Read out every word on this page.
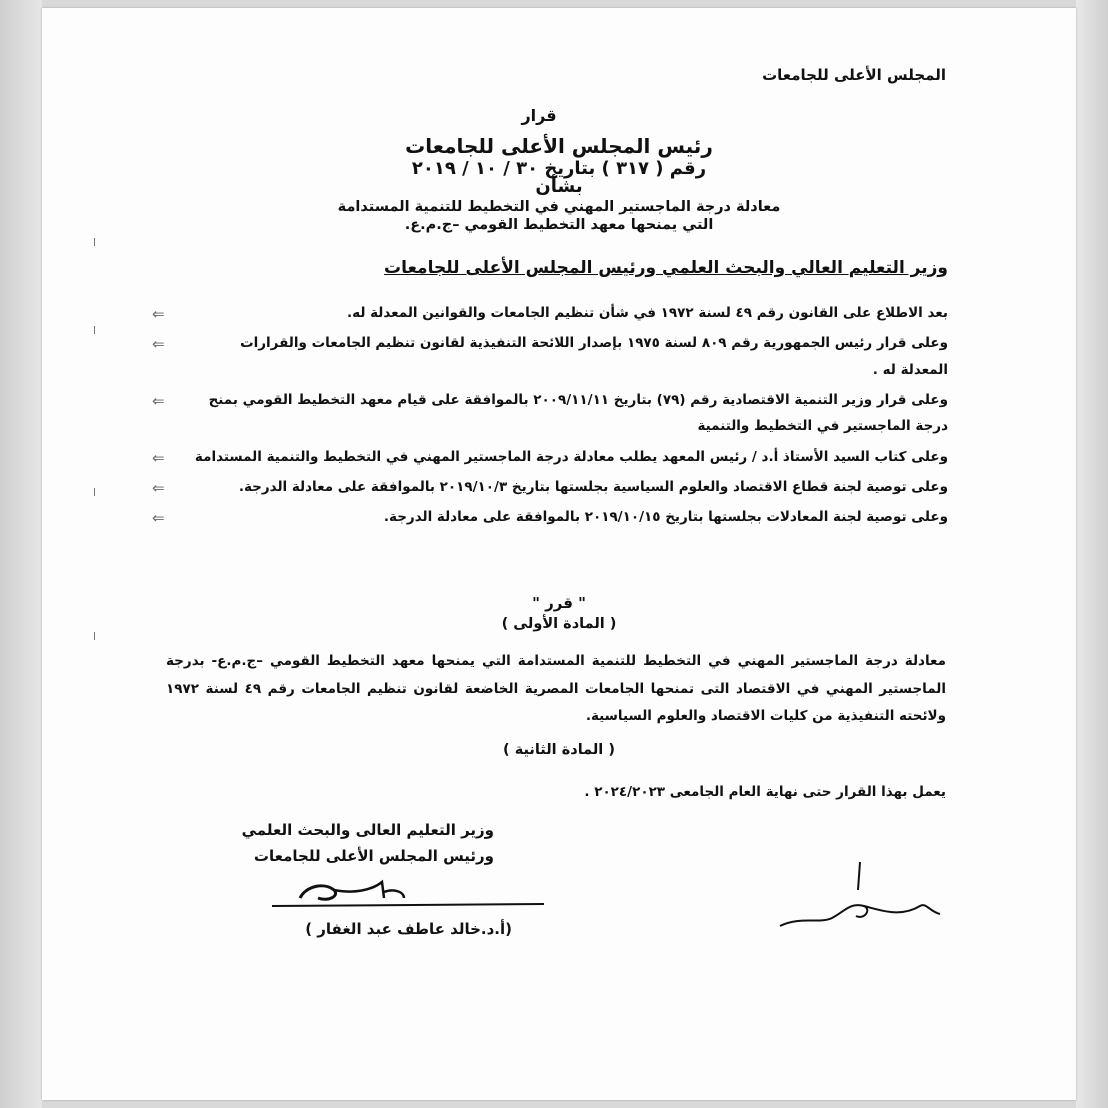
المجلس الأعلى للجامعات
قرار
رئيس المجلس الأعلى للجامعات
رقم ( ٣١٧ ) بتاريخ ٣٠ / ١٠ / ٢٠١٩
بشأن
معادلة درجة الماجستير المهني في التخطيط للتنمية المستدامة
التي يمنحها معهد التخطيط القومي –ج.م.ع.
وزير التعليم العالي والبحث العلمي ورئيس المجلس الأعلى للجامعات
⇐	بعد الاطلاع على القانون رقم ٤٩ لسنة ١٩٧٢ في شأن تنظيم الجامعات والقوانين المعدلة له.
⇐	وعلى قرار رئيس الجمهورية رقم ٨٠٩ لسنة ١٩٧٥ بإصدار اللائحة التنفيذية لقانون تنظيم الجامعات والقرارات المعدلة له .
⇐	وعلى قرار وزير التنمية الاقتصادية رقم (٧٩) بتاريخ ٢٠٠٩/١١/١١ بالموافقة على قيام معهد التخطيط القومي بمنح درجة الماجستير في التخطيط والتنمية
⇐ وعلى كتاب السيد الأستاذ أ.د / رئيس المعهد يطلب معادلة درجة الماجستير المهني في التخطيط والتنمية المستدامة
⇐	وعلى توصية لجنة قطاع الاقتصاد والعلوم السياسية بجلستها بتاريخ ٢٠١٩/١٠/٣ بالموافقة على معادلة الدرجة.
⇐	وعلى توصية لجنة المعادلات بجلستها بتاريخ ٢٠١٩/١٠/١٥ بالموافقة على معادلة الدرجة.
" قرر "
( المادة الأولى )
معادلة درجة الماجستير المهني في التخطيط للتنمية المستدامة التي يمنحها معهد التخطيط القومي –ج.م.ع- بدرجة الماجستير المهني في الاقتصاد التى تمنحها الجامعات المصرية الخاضعة لقانون تنظيم الجامعات رقم ٤٩ لسنة ١٩٧٢ ولائحته التنفيذية من كليات الاقتصاد والعلوم السياسية.
( المادة الثانية )
يعمل بهذا القرار حتى نهاية العام الجامعى ٢٠٢٤/٢٠٢٣ .
وزير التعليم العالى والبحث العلمي
ورئيس المجلس الأعلى للجامعات
(أ.د.خالد عاطف عبد الغفار )
